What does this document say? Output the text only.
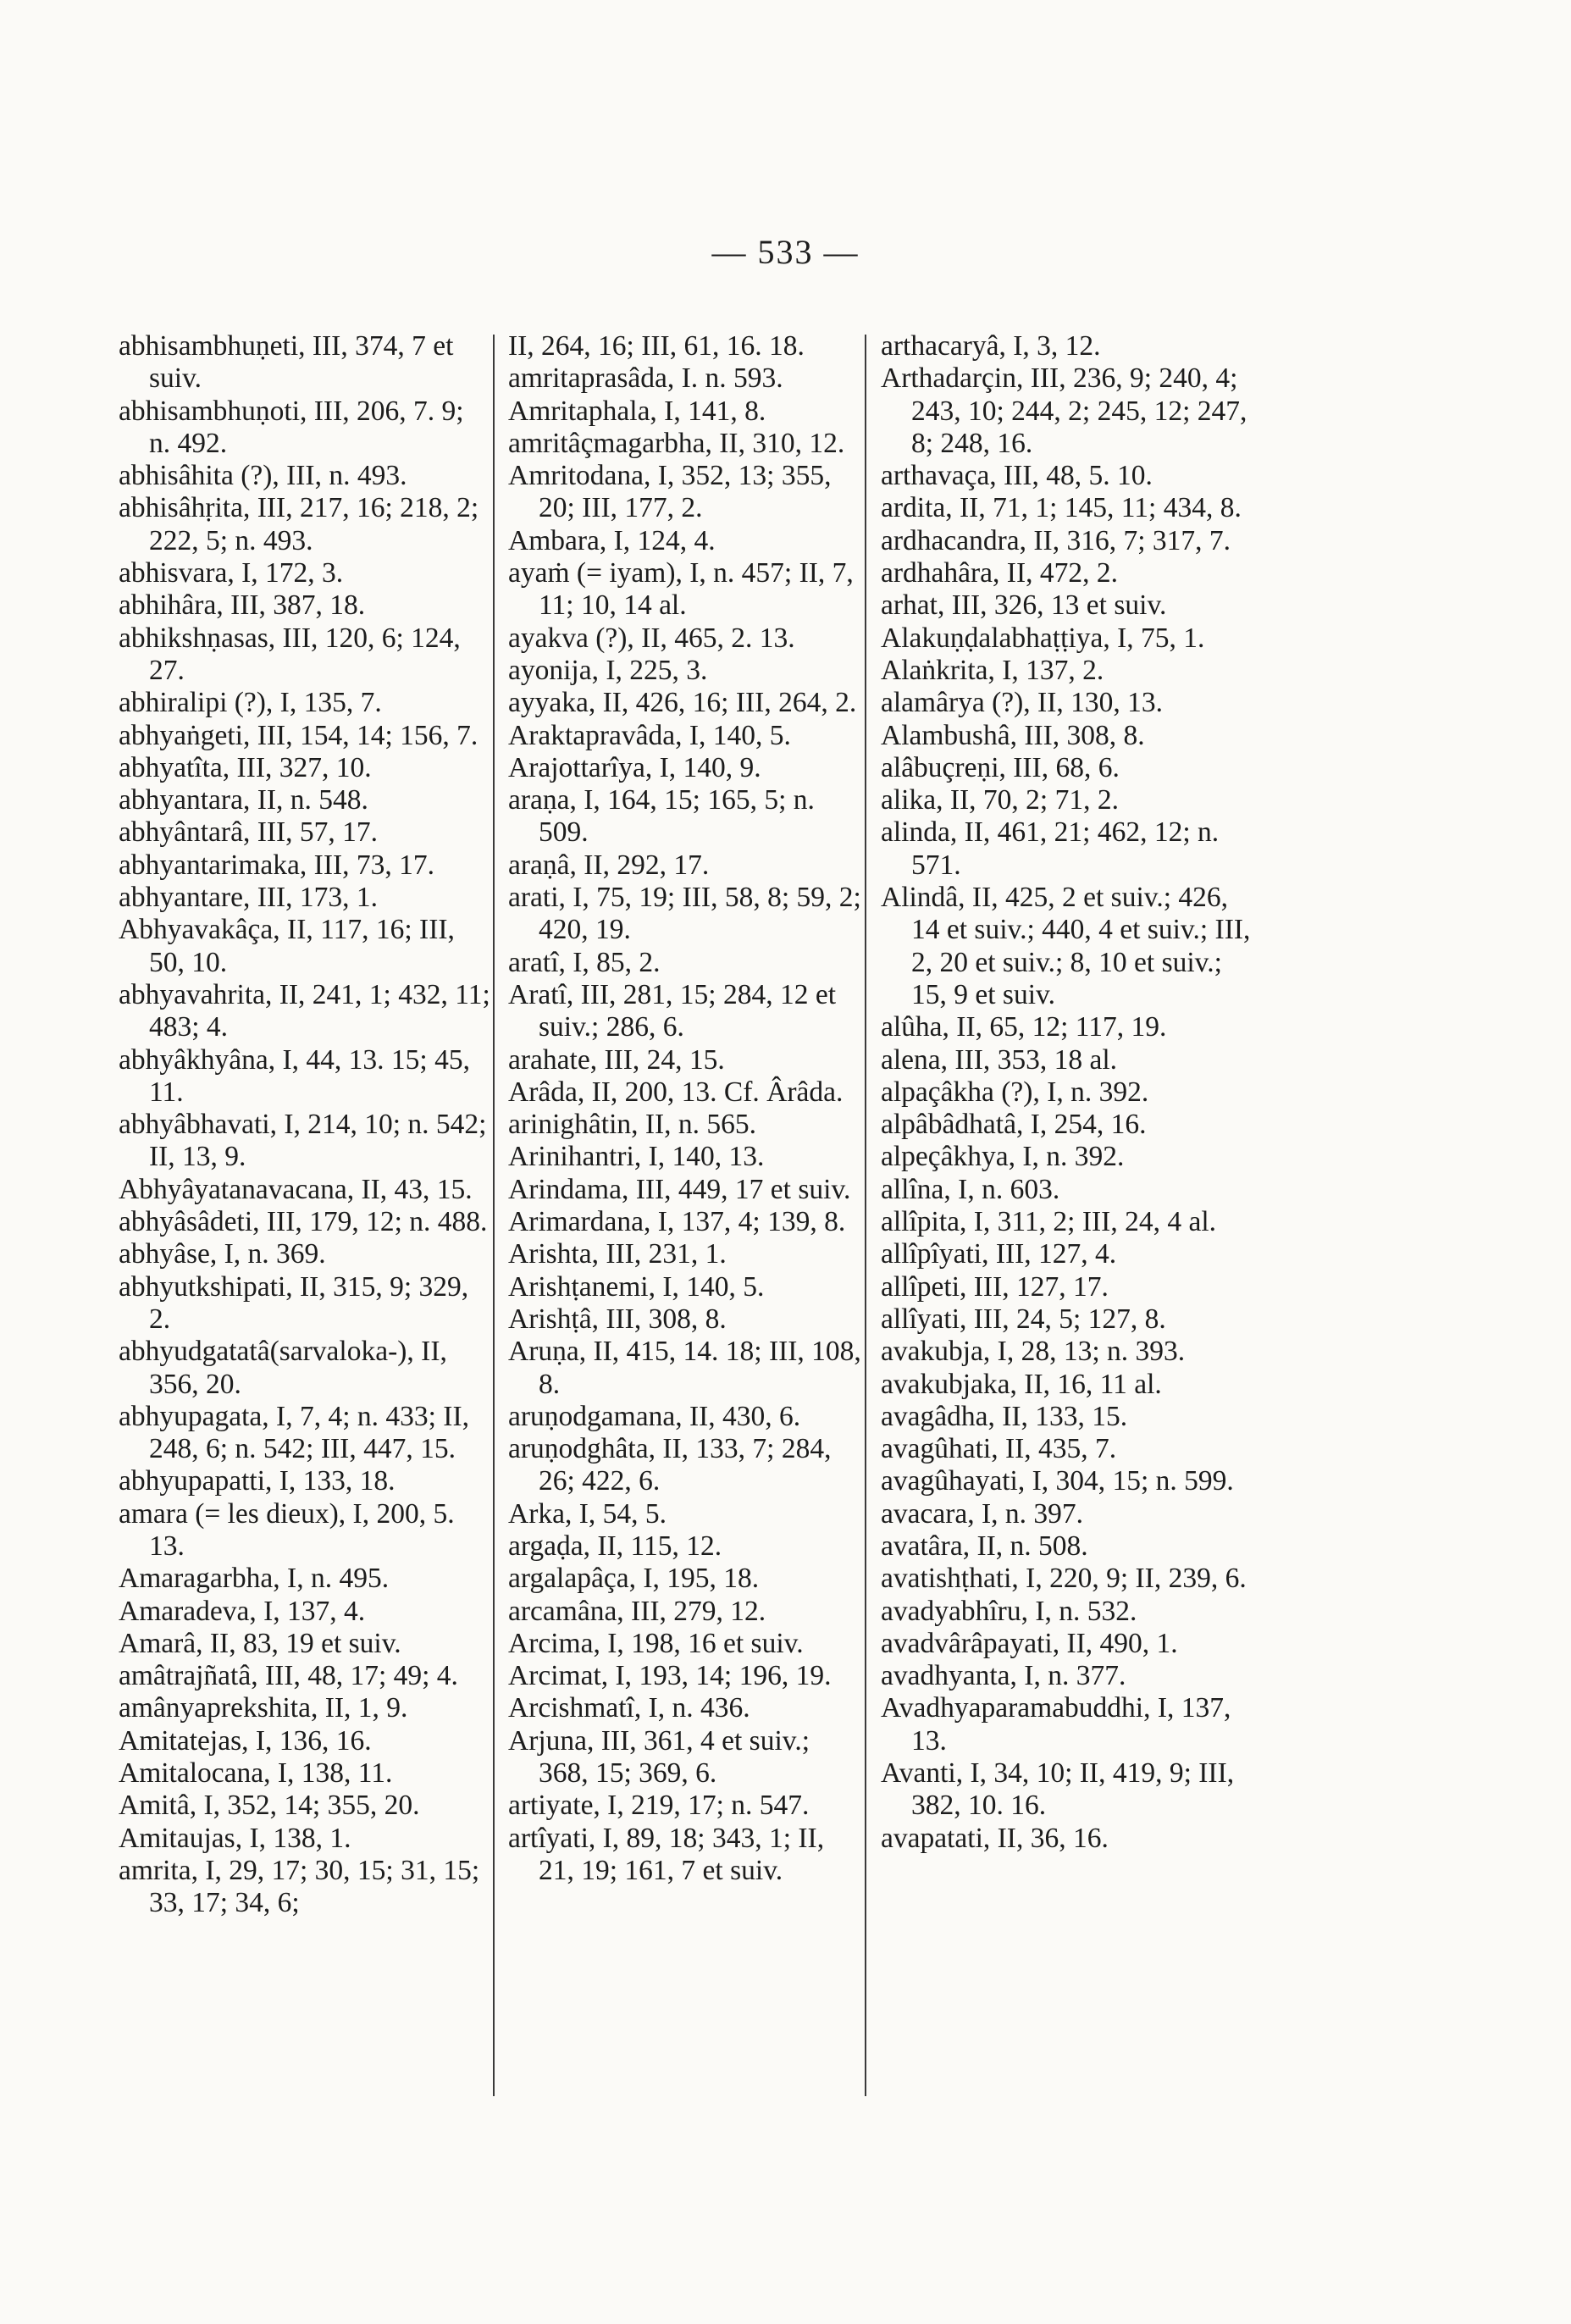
— 533 —
abhisambhuṇeti, III, 374, 7 et suiv.
abhisambhuṇoti, III, 206, 7. 9; n. 492.
abhisâhita (?), III, n. 493.
abhisâhṛita, III, 217, 16; 218, 2; 222, 5; n. 493.
abhisvara, I, 172, 3.
abhihâra, III, 387, 18.
abhikshṇasas, III, 120, 6; 124, 27.
abhiralipi (?), I, 135, 7.
abhyaṅgeti, III, 154, 14; 156, 7.
abhyatîta, III, 327, 10.
abhyantara, II, n. 548.
abhyântarâ, III, 57, 17.
abhyantarimaka, III, 73, 17.
abhyantare, III, 173, 1.
Abhyavakâça, II, 117, 16; III, 50, 10.
abhyavahrita, II, 241, 1; 432, 11; 483; 4.
abhyâkhyâna, I, 44, 13. 15; 45, 11.
abhyâbhavati, I, 214, 10; n. 542; II, 13, 9.
Abhyâyatanavacana, II, 43, 15.
abhyâsâdeti, III, 179, 12; n. 488.
abhyâse, I, n. 369.
abhyutkshipati, II, 315, 9; 329, 2.
abhyudgatatâ(sarvaloka-), II, 356, 20.
abhyupagata, I, 7, 4; n. 433; II, 248, 6; n. 542; III, 447, 15.
abhyupapatti, I, 133, 18.
amara (= les dieux), I, 200, 5. 13.
Amaragarbha, I, n. 495.
Amaradeva, I, 137, 4.
Amarâ, II, 83, 19 et suiv.
amâtrajñatâ, III, 48, 17; 49; 4.
amânyaprekshita, II, 1, 9.
Amitatejas, I, 136, 16.
Amitalocana, I, 138, 11.
Amitâ, I, 352, 14; 355, 20.
Amitaujas, I, 138, 1.
amrita, I, 29, 17; 30, 15; 31, 15; 33, 17; 34, 6;
II, 264, 16; III, 61, 16. 18.
amritaprasâda, I. n. 593.
Amritaphala, I, 141, 8.
amritâçmagarbha, II, 310, 12.
Amritodana, I, 352, 13; 355, 20; III, 177, 2.
Ambara, I, 124, 4.
ayaṁ (= iyam), I, n. 457; II, 7, 11; 10, 14 al.
ayakva (?), II, 465, 2. 13.
ayonija, I, 225, 3.
ayyaka, II, 426, 16; III, 264, 2.
Araktapravâda, I, 140, 5.
Arajottarîya, I, 140, 9.
araṇa, I, 164, 15; 165, 5; n. 509.
araṇâ, II, 292, 17.
arati, I, 75, 19; III, 58, 8; 59, 2; 420, 19.
aratî, I, 85, 2.
Aratî, III, 281, 15; 284, 12 et suiv.; 286, 6.
arahate, III, 24, 15.
Arâda, II, 200, 13. Cf. Ârâda.
arinighâtin, II, n. 565.
Arinihantri, I, 140, 13.
Arindama, III, 449, 17 et suiv.
Arimardana, I, 137, 4; 139, 8.
Arishta, III, 231, 1.
Arishṭanemi, I, 140, 5.
Arishṭâ, III, 308, 8.
Aruṇa, II, 415, 14. 18; III, 108, 8.
aruṇodgamana, II, 430, 6.
aruṇodghâta, II, 133, 7; 284, 26; 422, 6.
Arka, I, 54, 5.
argaḍa, II, 115, 12.
argalapâça, I, 195, 18.
arcamâna, III, 279, 12.
Arcima, I, 198, 16 et suiv.
Arcimat, I, 193, 14; 196, 19.
Arcishmatî, I, n. 436.
Arjuna, III, 361, 4 et suiv.; 368, 15; 369, 6.
artiyate, I, 219, 17; n. 547.
artîyati, I, 89, 18; 343, 1; II, 21, 19; 161, 7 et suiv.
arthacaryâ, I, 3, 12.
Arthadarçin, III, 236, 9; 240, 4; 243, 10; 244, 2; 245, 12; 247, 8; 248, 16.
arthavaça, III, 48, 5. 10.
ardita, II, 71, 1; 145, 11; 434, 8.
ardhacandra, II, 316, 7; 317, 7.
ardhahâra, II, 472, 2.
arhat, III, 326, 13 et suiv.
Alakuṇḍalabhaṭṭiya, I, 75, 1.
Alaṅkrita, I, 137, 2.
alamârya (?), II, 130, 13.
Alambushâ, III, 308, 8.
alâbuçreṇi, III, 68, 6.
alika, II, 70, 2; 71, 2.
alinda, II, 461, 21; 462, 12; n. 571.
Alindâ, II, 425, 2 et suiv.; 426, 14 et suiv.; 440, 4 et suiv.; III, 2, 20 et suiv.; 8, 10 et suiv.; 15, 9 et suiv.
alûha, II, 65, 12; 117, 19.
alena, III, 353, 18 al.
alpaçâkha (?), I, n. 392.
alpâbâdhatâ, I, 254, 16.
alpeçâkhya, I, n. 392.
allîna, I, n. 603.
allîpita, I, 311, 2; III, 24, 4 al.
allîpîyati, III, 127, 4.
allîpeti, III, 127, 17.
allîyati, III, 24, 5; 127, 8.
avakubja, I, 28, 13; n. 393.
avakubjaka, II, 16, 11 al.
avagâdha, II, 133, 15.
avagûhati, II, 435, 7.
avagûhayati, I, 304, 15; n. 599.
avacara, I, n. 397.
avatâra, II, n. 508.
avatishṭhati, I, 220, 9; II, 239, 6.
avadyabhîru, I, n. 532.
avadvârâpayati, II, 490, 1.
avadhyanta, I, n. 377.
Avadhyaparamabuddhi, I, 137, 13.
Avanti, I, 34, 10; II, 419, 9; III, 382, 10. 16.
avapatati, II, 36, 16.
